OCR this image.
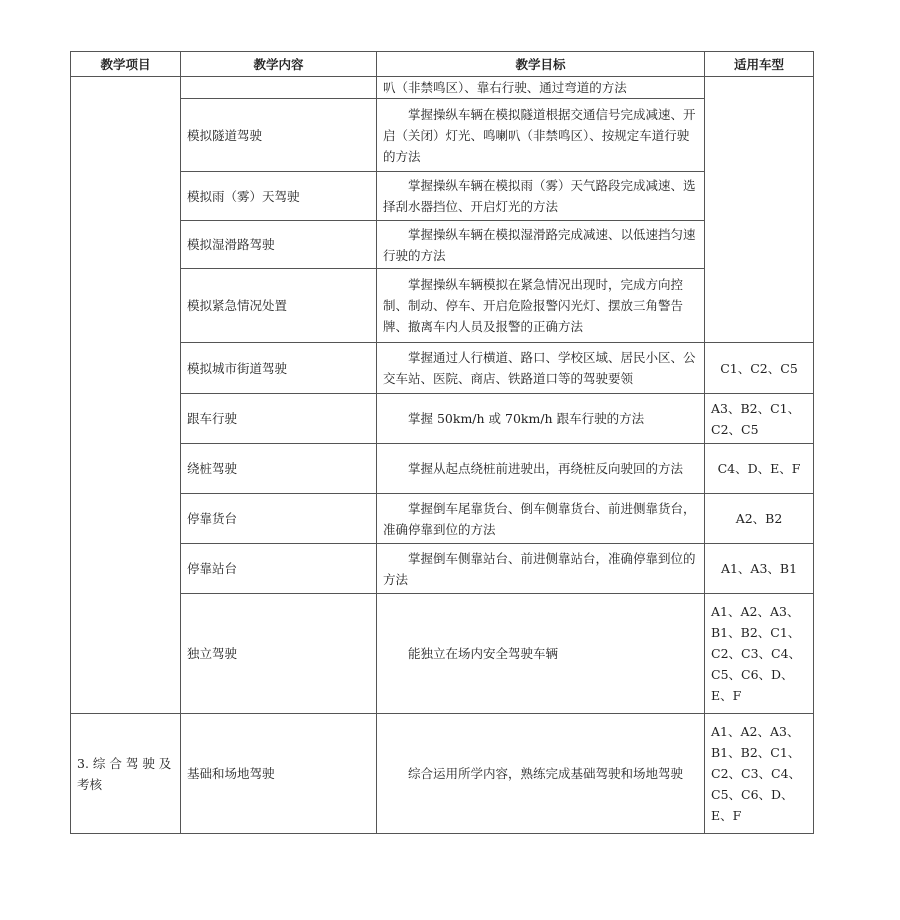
教学项目	教学内容	教学目标	适用车型
		叭（非禁鸣区）、靠右行驶、通过弯道的方法	
	模拟隧道驾驶	掌握操纵车辆在模拟隧道根据交通信号完成减速、开启（关闭）灯光、鸣喇叭（非禁鸣区）、按规定车道行驶的方法	
	模拟雨（雾）天驾驶	掌握操纵车辆在模拟雨（雾）天气路段完成减速、选择刮水器挡位、开启灯光的方法	
	模拟湿滑路驾驶	掌握操纵车辆在模拟湿滑路完成减速、以低速挡匀速行驶的方法	
	模拟紧急情况处置	掌握操纵车辆模拟在紧急情况出现时，完成方向控制、制动、停车、开启危险报警闪光灯、摆放三角警告牌、撤离车内人员及报警的正确方法	
	模拟城市街道驾驶	掌握通过人行横道、路口、学校区域、居民小区、公交车站、医院、商店、铁路道口等的驾驶要领	C1、C2、C5
	跟车行驶	掌握 50km/h 或 70km/h 跟车行驶的方法	A3、B2、C1、C2、C5
	绕桩驾驶	掌握从起点绕桩前进驶出，再绕桩反向驶回的方法	C4、D、E、F
	停靠货台	掌握倒车尾靠货台、倒车侧靠货台、前进侧靠货台，准确停靠到位的方法	A2、B2
	停靠站台	掌握倒车侧靠站台、前进侧靠站台，准确停靠到位的方法	A1、A3、B1
	独立驾驶	能独立在场内安全驾驶车辆	A1、A2、A3、B1、B2、C1、C2、C3、C4、C5、C6、D、E、F
3. 综 合 驾 驶 及考核	基础和场地驾驶	综合运用所学内容，熟练完成基础驾驶和场地驾驶	A1、A2、A3、B1、B2、C1、C2、C3、C4、C5、C6、D、E、F
